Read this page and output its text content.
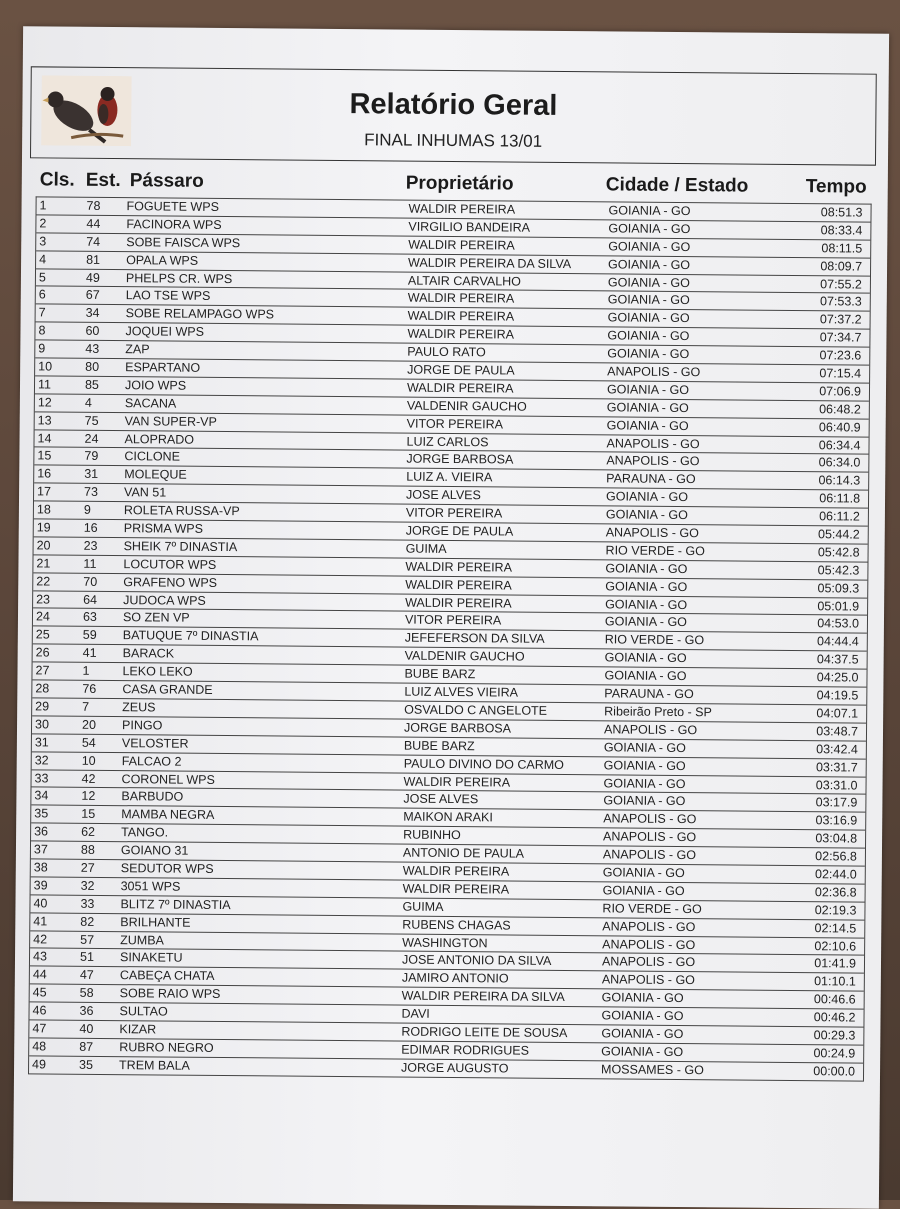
Relatório Geral
FINAL INHUMAS 13/01
Cls. Est. Pássaro	Proprietário	Cidade / Estado	Tempo
1	78 FOGUETE WPS	WALDIR PEREIRA	GOIANIA - GO	08:51.3
2	44 FACINORA WPS	VIRGILIO BANDEIRA	GOIANIA - GO	08:33.4
3	74 SOBE FAISCA WPS	WALDIR PEREIRA	GOIANIA - GO	08:11.5
4	81 OPALA WPS	WALDIR PEREIRA DA SILVA	GOIANIA - GO	08:09.7
5	49 PHELPS CR. WPS	ALTAIR CARVALHO	GOIANIA - GO	07:55.2
6	67 LAO TSE WPS	WALDIR PEREIRA	GOIANIA - GO	07:53.3
7	34 SOBE RELAMPAGO WPS	WALDIR PEREIRA	GOIANIA - GO	07:37.2
8	60 JOQUEI WPS	WALDIR PEREIRA	GOIANIA - GO	07:34.7
9	43 ZAP	PAULO RATO	GOIANIA - GO	07:23.6
10	80 ESPARTANO	JORGE DE PAULA	ANAPOLIS - GO	07:15.4
11	85 JOIO WPS	WALDIR PEREIRA	GOIANIA - GO	07:06.9
12	4	SACANA	VALDENIR GAUCHO	GOIANIA - GO	06:48.2
13	75 VAN SUPER-VP	VITOR PEREIRA	GOIANIA - GO	06:40.9
14	24 ALOPRADO	LUIZ CARLOS	ANAPOLIS - GO	06:34.4
15	79 CICLONE	JORGE BARBOSA	ANAPOLIS - GO	06:34.0
16	31 MOLEQUE	LUIZ A. VIEIRA	PARAUNA - GO	06:14.3
17	73 VAN 51	JOSE ALVES	GOIANIA - GO	06:11.8
18	9	ROLETA RUSSA-VP	VITOR PEREIRA	GOIANIA - GO	06:11.2
19	16 PRISMA WPS	JORGE DE PAULA	ANAPOLIS - GO	05:44.2
20	23 SHEIK 7º DINASTIA	GUIMA	RIO VERDE - GO	05:42.8
21	11 LOCUTOR WPS	WALDIR PEREIRA	GOIANIA - GO	05:42.3
22	70 GRAFENO WPS	WALDIR PEREIRA	GOIANIA - GO	05:09.3
23	64 JUDOCA WPS	WALDIR PEREIRA	GOIANIA - GO	05:01.9
24	63 SO ZEN VP	VITOR PEREIRA	GOIANIA - GO	04:53.0
25	59 BATUQUE 7º DINASTIA	JEFEFERSON DA SILVA	RIO VERDE - GO	04:44.4
26	41 BARACK	VALDENIR GAUCHO	GOIANIA - GO	04:37.5
27	1	LEKO LEKO	BUBE BARZ	GOIANIA - GO	04:25.0
28	76 CASA GRANDE	LUIZ ALVES VIEIRA	PARAUNA - GO	04:19.5
29	7	ZEUS	OSVALDO C ANGELOTE	Ribeirão Preto - SP	04:07.1
30	20 PINGO	JORGE BARBOSA	ANAPOLIS - GO	03:48.7
31	54 VELOSTER	BUBE BARZ	GOIANIA - GO	03:42.4
32	10 FALCAO 2	PAULO DIVINO DO CARMO	GOIANIA - GO	03:31.7
33	42 CORONEL WPS	WALDIR PEREIRA	GOIANIA - GO	03:31.0
34	12 BARBUDO	JOSE ALVES	GOIANIA - GO	03:17.9
35	15 MAMBA NEGRA	MAIKON ARAKI	ANAPOLIS - GO	03:16.9
36	62 TANGO.	RUBINHO	ANAPOLIS - GO	03:04.8
37	88 GOIANO 31	ANTONIO DE PAULA	ANAPOLIS - GO	02:56.8
38	27 SEDUTOR WPS	WALDIR PEREIRA	GOIANIA - GO	02:44.0
39	32 3051 WPS	WALDIR PEREIRA	GOIANIA - GO	02:36.8
40	33 BLITZ 7º DINASTIA	GUIMA	RIO VERDE - GO	02:19.3
41	82 BRILHANTE	RUBENS CHAGAS	ANAPOLIS - GO	02:14.5
42	57 ZUMBA	WASHINGTON	ANAPOLIS - GO	02:10.6
43	51 SINAKETU	JOSE ANTONIO DA SILVA	ANAPOLIS - GO	01:41.9
44	47 CABEÇA CHATA	JAMIRO ANTONIO	ANAPOLIS - GO	01:10.1
45	58 SOBE RAIO WPS	WALDIR PEREIRA DA SILVA	GOIANIA - GO	00:46.6
46	36 SULTAO	DAVI	GOIANIA - GO	00:46.2
47	40 KIZAR	RODRIGO LEITE DE SOUSA	GOIANIA - GO	00:29.3
48	87 RUBRO NEGRO	EDIMAR RODRIGUES	GOIANIA - GO	00:24.9
49	35 TREM BALA	JORGE AUGUSTO	MOSSAMES - GO	00:00.0
